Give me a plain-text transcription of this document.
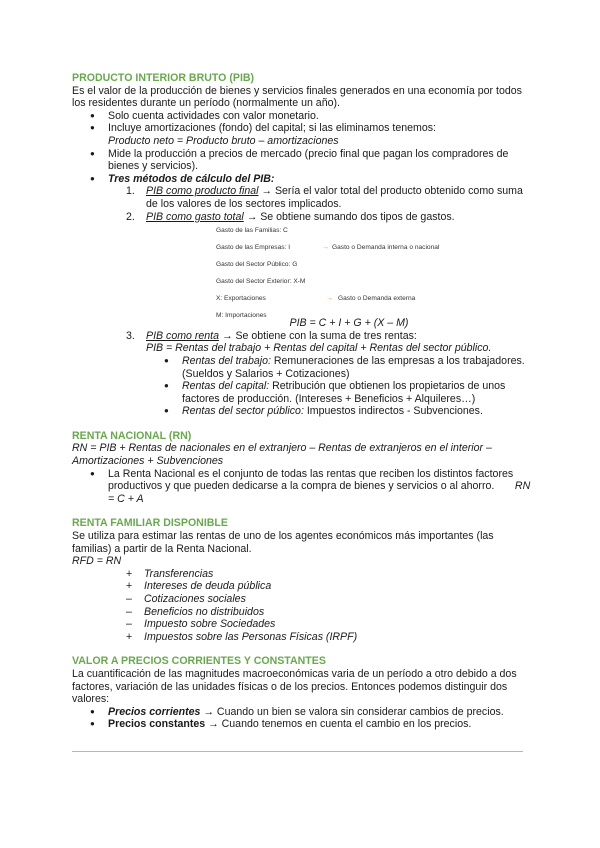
PRODUCTO INTERIOR BRUTO (PIB)

Es el valor de la producción de bienes y servicios finales generados en una economía por todos los residentes durante un período (normalmente un año).

● Solo cuenta actividades con valor monetario.
● Incluye amortizaciones (fondo) del capital; si las eliminamos tenemos:
Producto neto = Producto bruto – amortizaciones
● Mide la producción a precios de mercado (precio final que pagan los compradores de bienes y servicios).
● Tres métodos de cálculo del PIB:
1. PIB como producto final → Sería el valor total del producto obtenido como suma de los valores de los sectores implicados.
2. PIB como gasto total → Se obtiene sumando dos tipos de gastos.
Gasto de las Familias: C
Gasto de las Empresas: I	→ Gasto o Demanda interna o nacional
Gasto del Sector Público: G
Gasto del Sector Exterior: X-M
X: Exportaciones	→ Gasto o Demanda externa
M: Importaciones

PIB = C + I + G + (X – M)

3. PIB como renta → Se obtiene con la suma de tres rentas:
PIB = Rentas del trabajo + Rentas del capital + Rentas del sector público.
● Rentas del trabajo: Remuneraciones de las empresas a los trabajadores. (Sueldos y Salarios + Cotizaciones)
● Rentas del capital: Retribución que obtienen los propietarios de unos factores de producción. (Intereses + Beneficios + Alquileres…)
● Rentas del sector público: Impuestos indirectos - Subvenciones.

RENTA NACIONAL (RN)

RN = PIB + Rentas de nacionales en el extranjero – Rentas de extranjeros en el interior – Amortizaciones + Subvenciones

● La Renta Nacional es el conjunto de todas las rentas que reciben los distintos factores productivos y que pueden dedicarse a la compra de bienes y servicios o al ahorro. RN = C + A

RENTA FAMILIAR DISPONIBLE

Se utiliza para estimar las rentas de uno de los agentes económicos más importantes (las familias) a partir de la Renta Nacional.

RFD = RN

+ Transferencias
+ Intereses de deuda pública
– Cotizaciones sociales
– Beneficios no distribuidos
– Impuesto sobre Sociedades
+ Impuestos sobre las Personas Físicas (IRPF)

VALOR A PRECIOS CORRIENTES Y CONSTANTES

La cuantificación de las magnitudes macroeconómicas varia de un período a otro debido a dos factores, variación de las unidades físicas o de los precios. Entonces podemos distinguir dos valores:

● Precios corrientes → Cuando un bien se valora sin considerar cambios de precios.
● Precios constantes → Cuando tenemos en cuenta el cambio en los precios.
